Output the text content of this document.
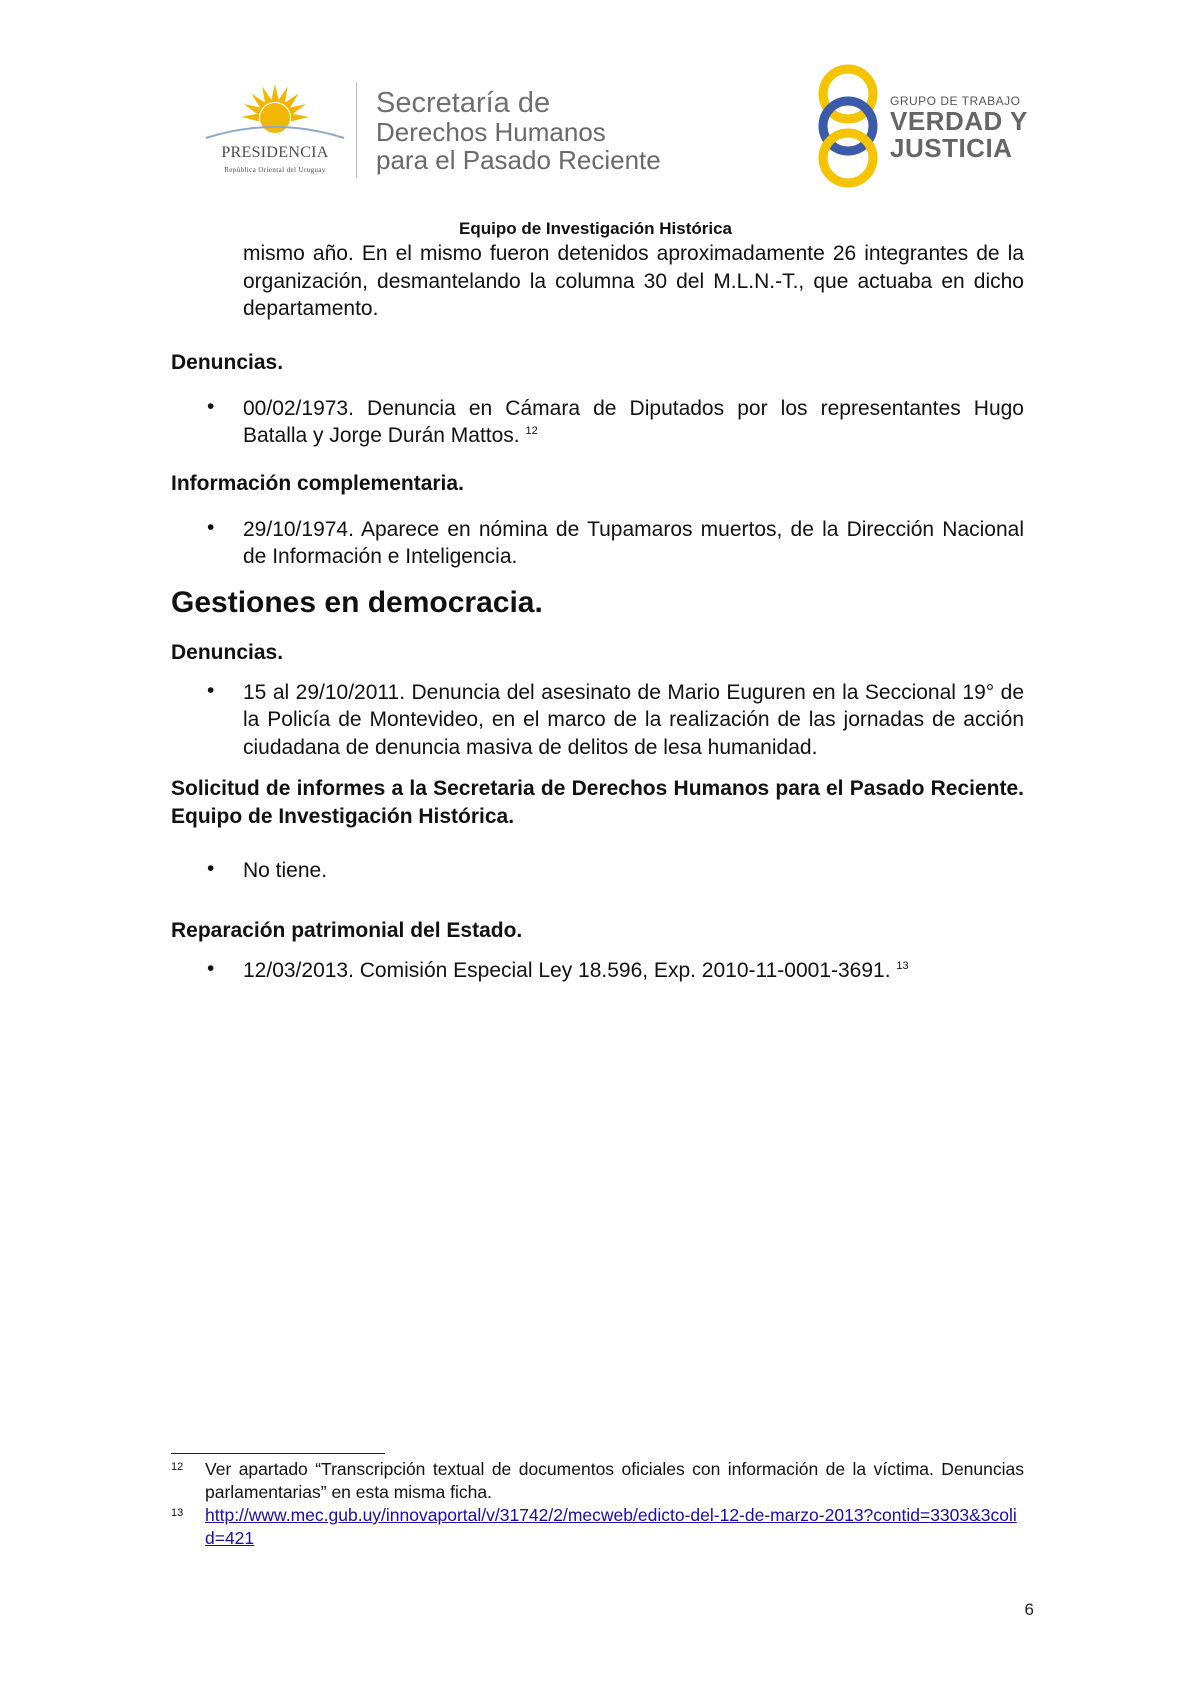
PRESIDENCIA
República Oriental del Uruguay
Secretaría de
Derechos Humanos
para el Pasado Reciente
GRUPO DE TRABAJO
VERDAD Y
JUSTICIA
Equipo de Investigación Histórica

mismo año. En el mismo fueron detenidos aproximadamente 26 integrantes de la organización, desmantelando la columna 30 del M.L.N.-T., que actuaba en dicho departamento.

Denuncias.
• 00/02/1973. Denuncia en Cámara de Diputados por los representantes Hugo Batalla y Jorge Durán Mattos. $^{12}$

Información complementaria.
• 29/10/1974. Aparece en nómina de Tupamaros muertos, de la Dirección Nacional de Información e Inteligencia.

Gestiones en democracia.
Denuncias.
• 15 al 29/10/2011. Denuncia del asesinato de Mario Euguren en la Seccional 19° de la Policía de Montevideo, en el marco de la realización de las jornadas de acción ciudadana de denuncia masiva de delitos de lesa humanidad.

Solicitud de informes a la Secretaria de Derechos Humanos para el Pasado Reciente. Equipo de Investigación Histórica.
• No tiene.

Reparación patrimonial del Estado.
• 12/03/2013. Comisión Especial Ley 18.596, Exp. 2010-11-0001-3691. $^{13}$

12 Ver apartado “Transcripción textual de documentos oficiales con información de la víctima. Denuncias parlamentarias” en esta misma ficha.
13 http://www.mec.gub.uy/innovaportal/v/31742/2/mecweb/edicto-del-12-de-marzo-2013?contid=3303&3colid=421
6
